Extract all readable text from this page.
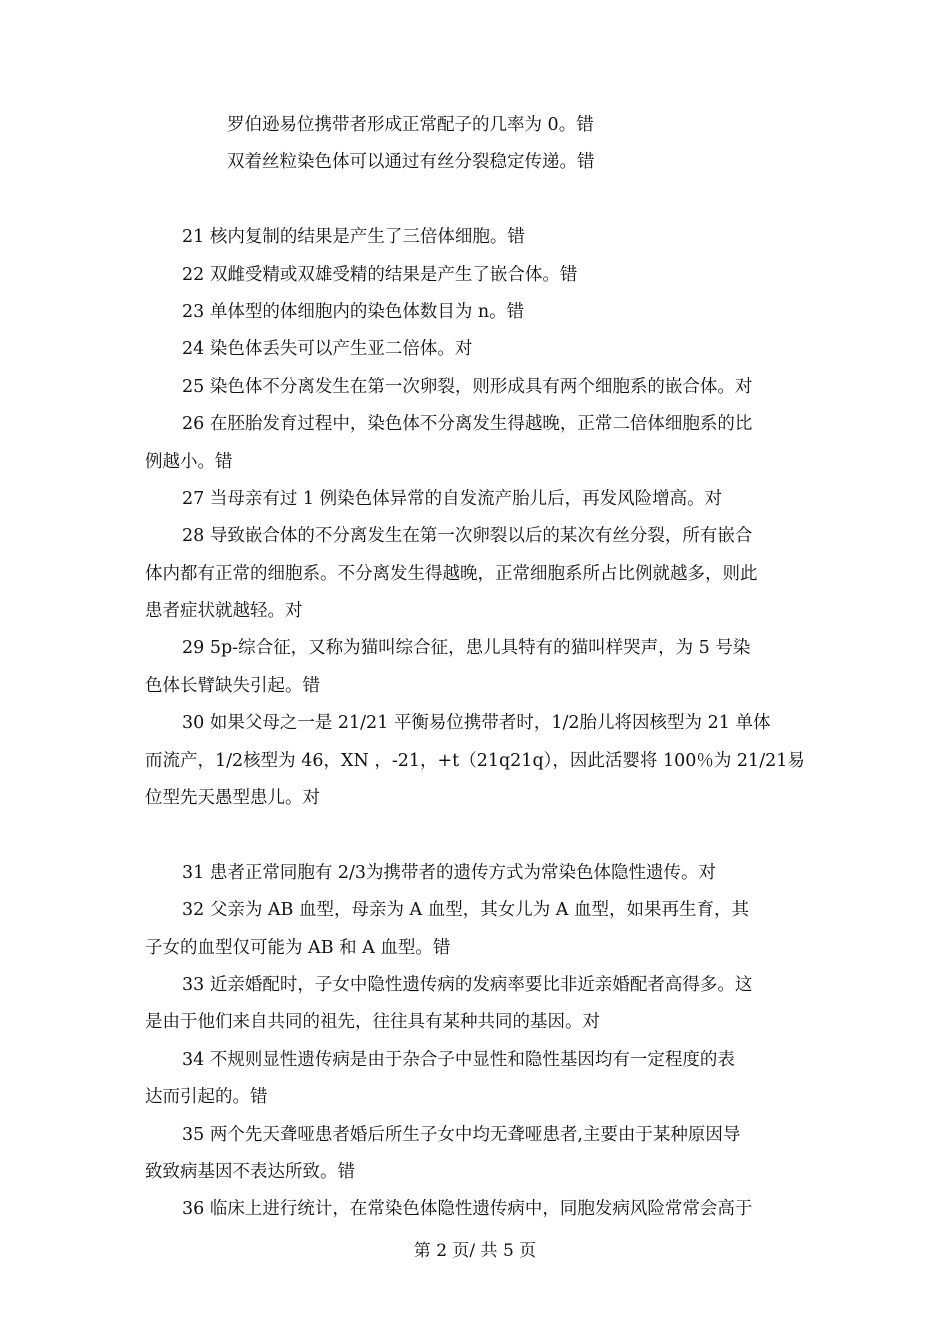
罗伯逊易位携带者形成正常配子的几率为 0。错
双着丝粒染色体可以通过有丝分裂稳定传递。错
21 核内复制的结果是产生了三倍体细胞。错
22 双雌受精或双雄受精的结果是产生了嵌合体。错
23 单体型的体细胞内的染色体数目为 n。错
24 染色体丢失可以产生亚二倍体。对
25 染色体不分离发生在第一次卵裂，则形成具有两个细胞系的嵌合体。对
26 在胚胎发育过程中，染色体不分离发生得越晚，正常二倍体细胞系的比
例越小。错
27 当母亲有过 1 例染色体异常的自发流产胎儿后，再发风险增高。对
28 导致嵌合体的不分离发生在第一次卵裂以后的某次有丝分裂，所有嵌合
体内都有正常的细胞系。不分离发生得越晚，正常细胞系所占比例就越多，则此
患者症状就越轻。对
29 5p-综合征，又称为猫叫综合征，患儿具特有的猫叫样哭声，为 5 号染
色体长臂缺失引起。错
30 如果父母之一是 21/21 平衡易位携带者时，1/2胎儿将因核型为 21 单体
而流产，1/2核型为 46，XN ，-21，+t（21q21q），因此活婴将 100％为 21/21易
位型先天愚型患儿。对
31 患者正常同胞有 2/3为携带者的遗传方式为常染色体隐性遗传。对
32 父亲为 AB 血型，母亲为 A 血型，其女儿为 A 血型，如果再生育，其
子女的血型仅可能为 AB 和 A 血型。错
33 近亲婚配时，子女中隐性遗传病的发病率要比非近亲婚配者高得多。这
是由于他们来自共同的祖先，往往具有某种共同的基因。对
34 不规则显性遗传病是由于杂合子中显性和隐性基因均有一定程度的表
达而引起的。错
35 两个先天聋哑患者婚后所生子女中均无聋哑患者,主要由于某种原因导
致致病基因不表达所致。错
36 临床上进行统计，在常染色体隐性遗传病中，同胞发病风险常常会高于
第 2 页/ 共 5 页
